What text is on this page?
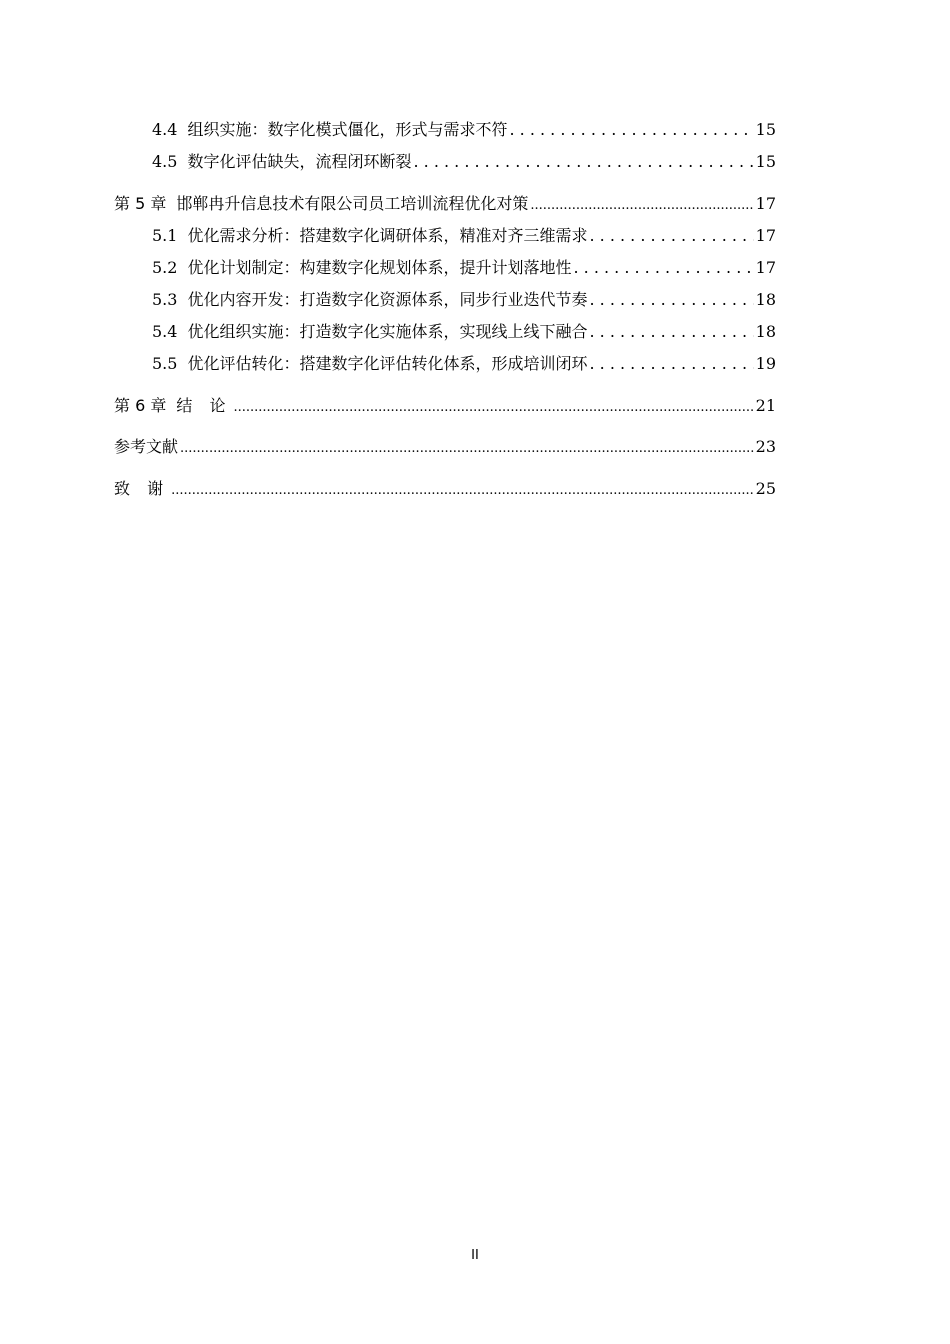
4.4 组织实施：数字化模式僵化，形式与需求不符 . . .	15
4.5 数字化评估缺失，流程闭环断裂 . . .	15
第 5 章 邯郸冉升信息技术有限公司员工培训流程优化对策 .....	17
5.1 优化需求分析：搭建数字化调研体系，精准对齐三维需求 . . .	17
5.2 优化计划制定：构建数字化规划体系，提升计划落地性 . . .	17
5.3 优化内容开发：打造数字化资源体系，同步行业迭代节奏 . . .	18
5.4 优化组织实施：打造数字化实施体系，实现线上线下融合 . . .	18
5.5 优化评估转化：搭建数字化评估转化体系，形成培训闭环 . . .	19
第 6 章 结 论 .....	21
参考文献 .....	23
致 谢 .....	25
II
